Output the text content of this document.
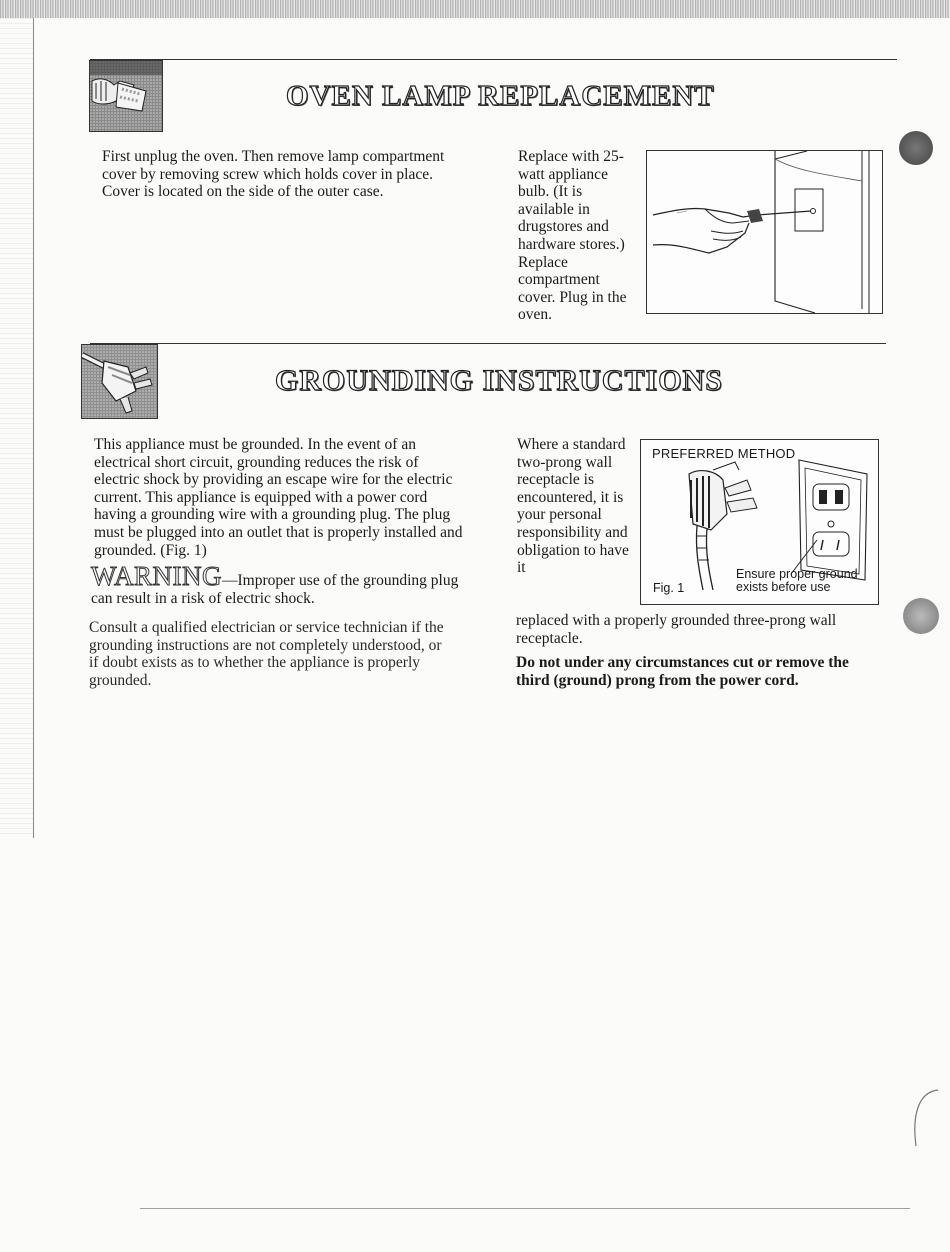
OVEN LAMP REPLACEMENT
First unplug the oven. Then remove lamp compartment cover by removing screw which holds cover in place. Cover is located on the side of the outer case.
Replace with 25-watt appliance bulb. (It is available in drugstores and hardware stores.) Replace compartment cover. Plug in the oven.
GROUNDING INSTRUCTIONS
This appliance must be grounded. In the event of an electrical short circuit, grounding reduces the risk of electric shock by providing an escape wire for the electric current. This appliance is equipped with a power cord having a grounding wire with a grounding plug. The plug must be plugged into an outlet that is properly installed and grounded. (Fig. 1)
WARNING—Improper use of the grounding plug can result in a risk of electric shock.
Consult a qualified electrician or service technician if the grounding instructions are not completely understood, or if doubt exists as to whether the appliance is properly grounded.
Where a standard two-prong wall receptacle is encountered, it is your personal responsibility and obligation to have it
replaced with a properly grounded three-prong wall receptacle.
Do not under any circumstances cut or remove the third (ground) prong from the power cord.
PREFERRED METHOD
Fig. 1
Ensure proper ground
exists before use
